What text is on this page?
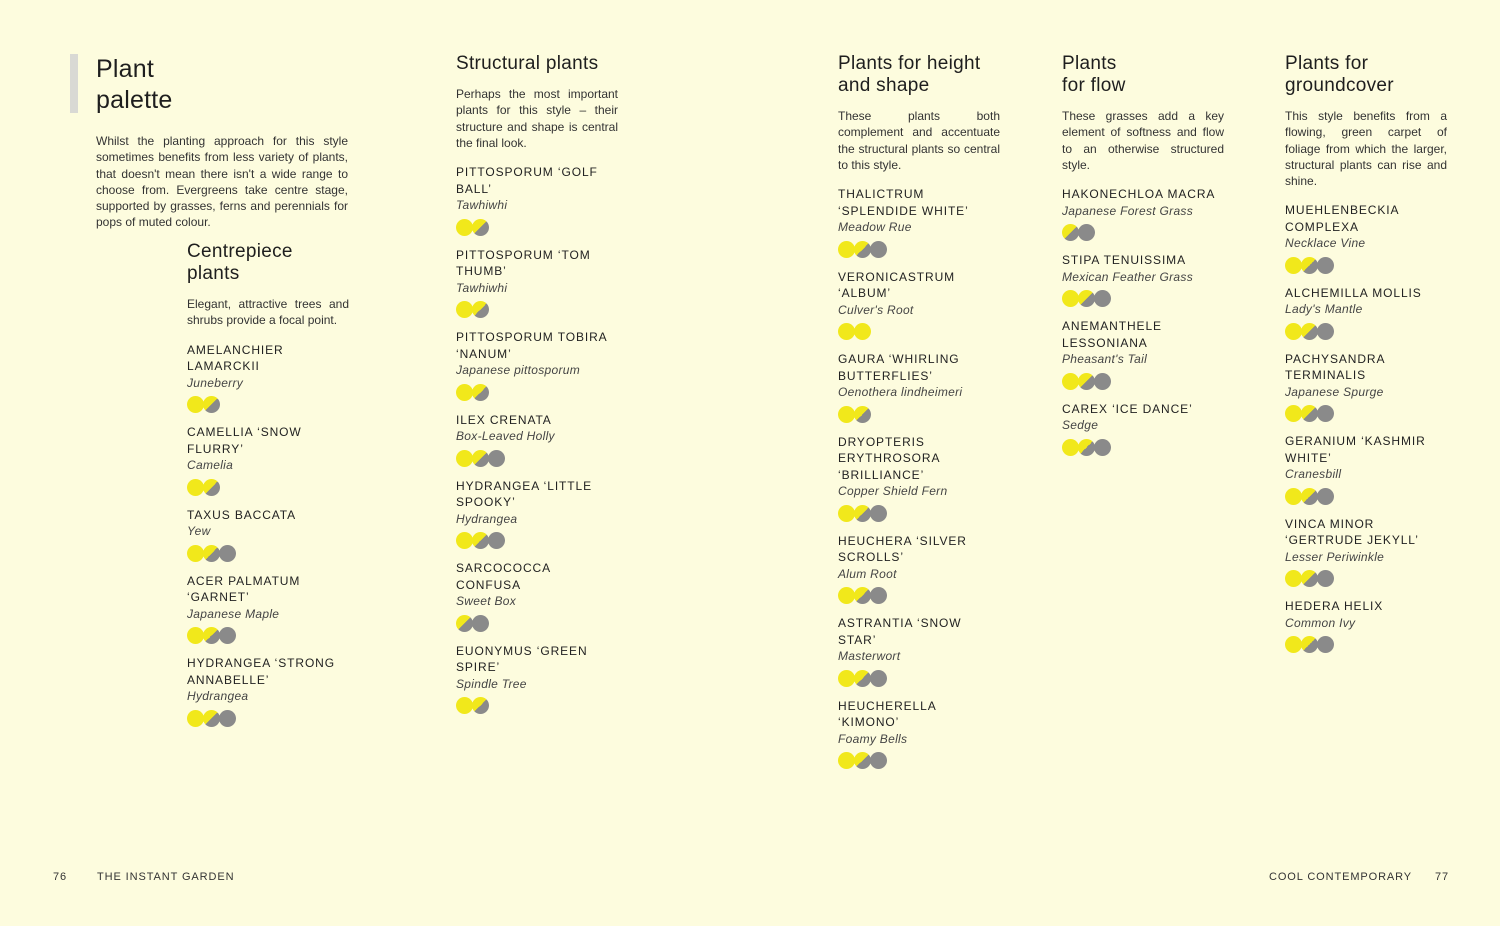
Plant
palette

Whilst the planting approach for this style sometimes benefits from less variety of plants, that doesn't mean there isn't a wide range to choose from. Evergreens take centre stage, supported by grasses, ferns and perennials for pops of muted colour.

Centrepiece
plants

Elegant, attractive trees and shrubs provide a focal point.

AMELANCHIER LAMARCKII

Juneberry

CAMELLIA ‘SNOW FLURRY’

Camelia

TAXUS BACCATA

Yew

ACER PALMATUM ‘GARNET’

Japanese Maple

HYDRANGEA ‘STRONG ANNABELLE’

Hydrangea

Structural plants

Perhaps the most important plants for this style – their structure and shape is central the final look.

PITTOSPORUM ‘GOLF BALL’

Tawhiwhi

PITTOSPORUM ‘TOM THUMB’

Tawhiwhi

PITTOSPORUM TOBIRA ‘NANUM’

Japanese pittosporum

ILEX CRENATA

Box-Leaved Holly

HYDRANGEA ‘LITTLE SPOOKY’

Hydrangea

SARCOCOCCA CONFUSA

Sweet Box

EUONYMUS ‘GREEN SPIRE’

Spindle Tree

Plants for height
and shape

These plants both complement and accentuate the structural plants so central to this style.

THALICTRUM ‘SPLENDIDE WHITE’

Meadow Rue

VERONICASTRUM ‘ALBUM’

Culver's Root

GAURA ‘WHIRLING BUTTERFLIES’

Oenothera lindheimeri

DRYOPTERIS ERYTHROSORA ‘BRILLIANCE’

Copper Shield Fern

HEUCHERA ‘SILVER SCROLLS’

Alum Root

ASTRANTIA ‘SNOW STAR’

Masterwort

HEUCHERELLA ‘KIMONO’

Foamy Bells

Plants
for flow

These grasses add a key element of softness and flow to an otherwise structured style.

HAKONECHLOA MACRA

Japanese Forest Grass

STIPA TENUISSIMA

Mexican Feather Grass

ANEMANTHELE LESSONIANA

Pheasant's Tail

CAREX ‘ICE DANCE’

Sedge

Plants for
groundcover

This style benefits from a flowing, green carpet of foliage from which the larger, structural plants can rise and shine.

MUEHLENBECKIA COMPLEXA

Necklace Vine

ALCHEMILLA MOLLIS

Lady's Mantle

PACHYSANDRA TERMINALIS

Japanese Spurge

GERANIUM ‘KASHMIR WHITE’

Cranesbill

VINCA MINOR ‘GERTRUDE JEKYLL’

Lesser Periwinkle

HEDERA HELIX

Common Ivy

76	THE INSTANT GARDEN	COOL CONTEMPORARY 77
